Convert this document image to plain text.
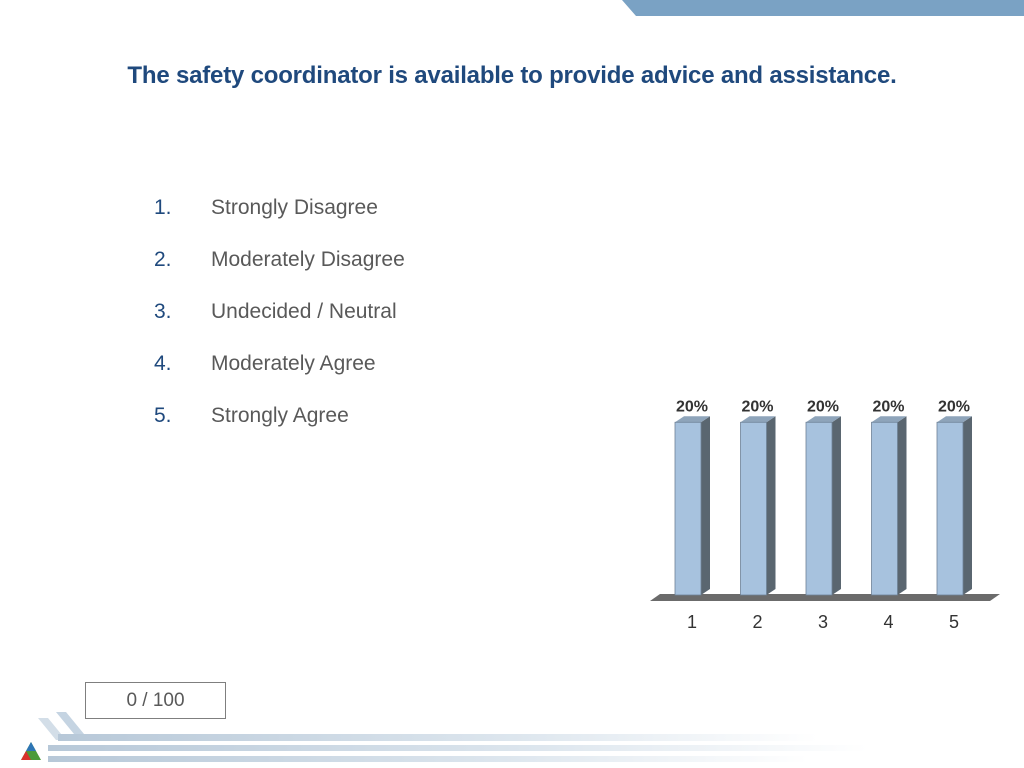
The safety coordinator is available to provide advice and assistance.
1. Strongly Disagree
2. Moderately Disagree
3. Undecided / Neutral
4. Moderately Agree
5. Strongly Agree	20%
1
20%
2
20%
3
20%
4
20%
5
0 / 100
